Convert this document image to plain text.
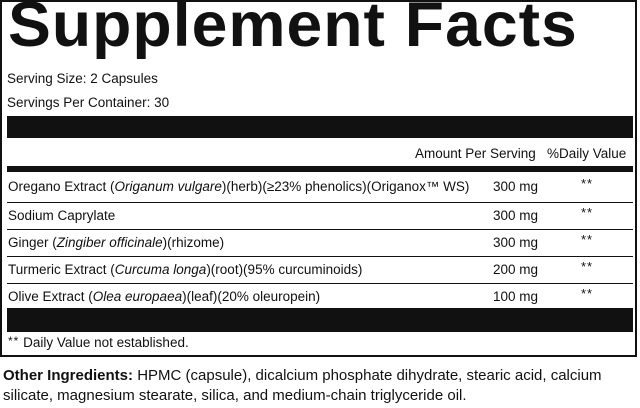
Supplement Facts
Serving Size: 2 Capsules
Servings Per Container: 30
Amount Per Serving %Daily Value
Oregano Extract (Origanum vulgare)(herb)(≥23% phenolics)(Origanox™ WS) 300 mg	**
Sodium Caprylate	300 mg	**
Ginger (Zingiber officinale)(rhizome)	300 mg	**
Turmeric Extract (Curcuma longa)(root)(95% curcuminoids)	200 mg	**
Olive Extract (Olea europaea)(leaf)(20% oleuropein)	100 mg	**
** Daily Value not established.
Other Ingredients: HPMC (capsule), dicalcium phosphate dihydrate, stearic acid, calcium silicate, magnesium stearate, silica, and medium-chain triglyceride oil.
